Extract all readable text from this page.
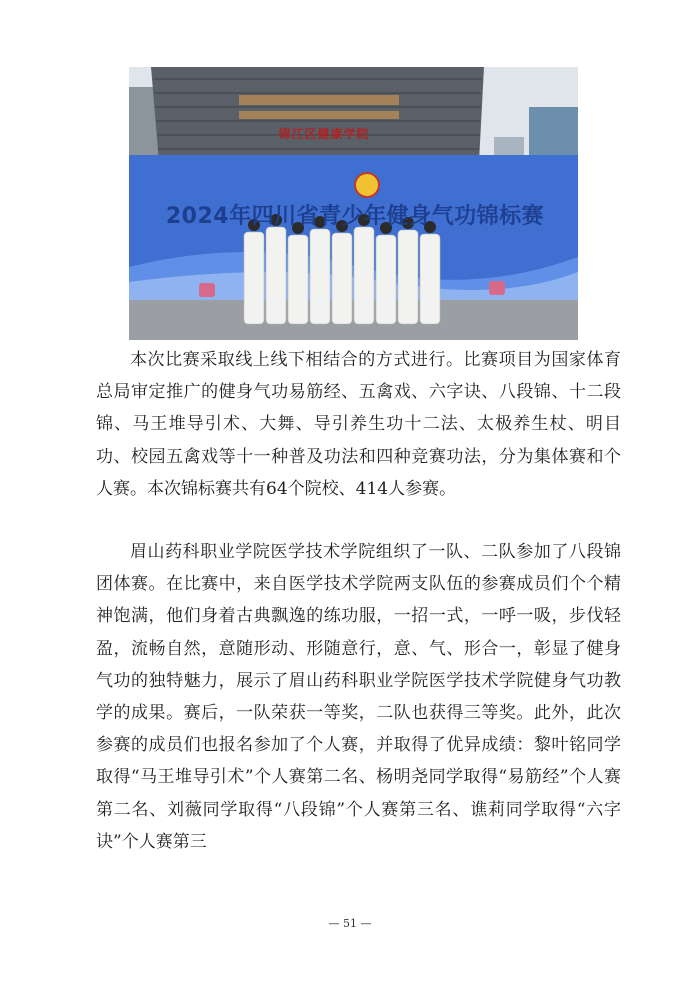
锦江区健康学院
2024年四川省青少年健身气功锦标赛

本次比赛采取线上线下相结合的方式进行。比赛项目为国家体育总局审定推广的健身气功易筋经、五禽戏、六字诀、八段锦、十二段锦、马王堆导引术、大舞、导引养生功十二法、太极养生杖、明目功、校园五禽戏等十一种普及功法和四种竞赛功法，分为集体赛和个人赛。本次锦标赛共有64个院校、414人参赛。

眉山药科职业学院医学技术学院组织了一队、二队参加了八段锦团体赛。在比赛中，来自医学技术学院两支队伍的参赛成员们个个精神饱满，他们身着古典飘逸的练功服，一招一式，一呼一吸，步伐轻盈，流畅自然，意随形动、形随意行，意、气、形合一，彰显了健身气功的独特魅力，展示了眉山药科职业学院医学技术学院健身气功教学的成果。赛后，一队荣获一等奖，二队也获得三等奖。此外，此次参赛的成员们也报名参加了个人赛，并取得了优异成绩：黎叶铭同学取得“马王堆导引术”个人赛第二名、杨明尧同学取得“易筋经”个人赛第二名、刘薇同学取得“八段锦”个人赛第三名、谯莉同学取得“六字诀”个人赛第三

— 51 —
